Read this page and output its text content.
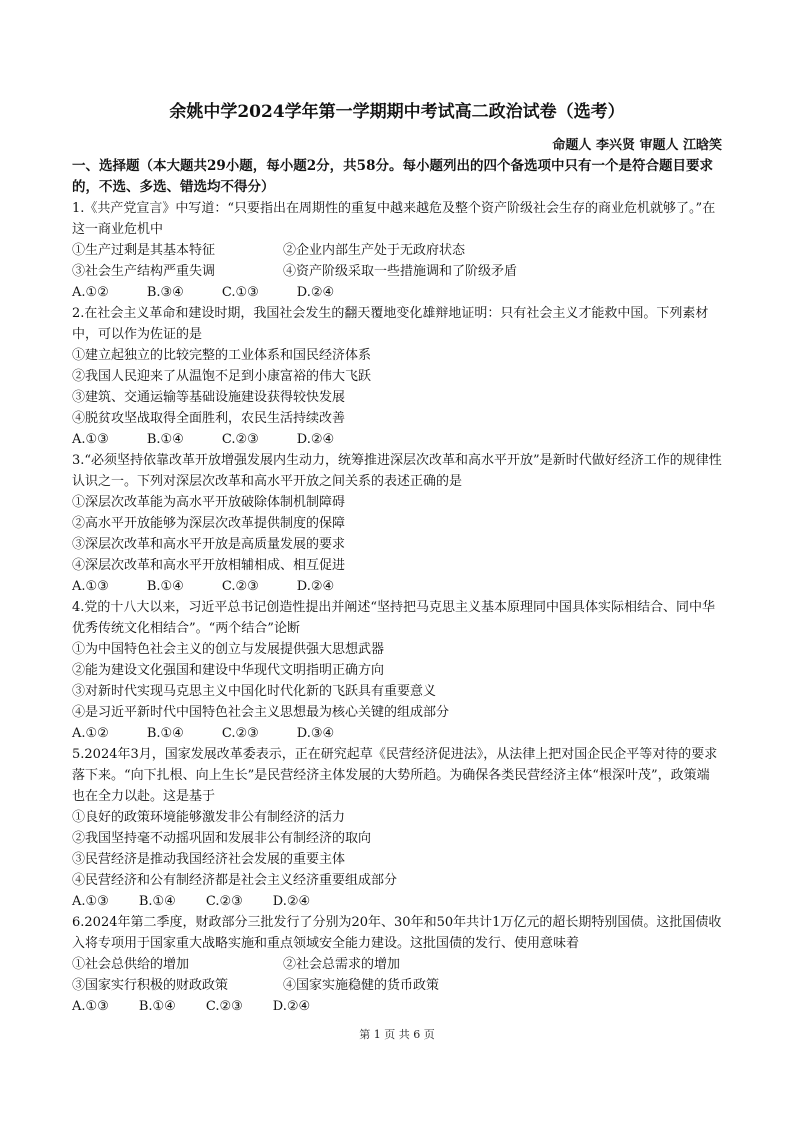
余姚中学2024学年第一学期期中考试高二政治试卷（选考）
命题人 李兴贤 审题人 江晗笑
一、选择题（本大题共29小题，每小题2分，共58分。每小题列出的四个备选项中只有一个是符合题目要求的，不选、多选、错选均不得分）
1.《共产党宣言》中写道：“只要指出在周期性的重复中越来越危及整个资产阶级社会生存的商业危机就够了。”在这一商业危机中
①生产过剩是其基本特征	②企业内部生产处于无政府状态
③社会生产结构严重失调	④资产阶级采取一些措施调和了阶级矛盾
A.①②	B.③④	C.①③	D.②④
2.在社会主义革命和建设时期，我国社会发生的翻天覆地变化雄辩地证明：只有社会主义才能救中国。下列素材中，可以作为佐证的是
①建立起独立的比较完整的工业体系和国民经济体系
②我国人民迎来了从温饱不足到小康富裕的伟大飞跃
③建筑、交通运输等基础设施建设获得较快发展
④脱贫攻坚战取得全面胜利，农民生活持续改善
A.①③	B.①④	C.②③	D.②④
3.“必须坚持依靠改革开放增强发展内生动力，统筹推进深层次改革和高水平开放”是新时代做好经济工作的规律性认识之一。下列对深层次改革和高水平开放之间关系的表述正确的是
①深层次改革能为高水平开放破除体制机制障碍
②高水平开放能够为深层次改革提供制度的保障
③深层次改革和高水平开放是高质量发展的要求
④深层次改革和高水平开放相辅相成、相互促进
A.①③	B.①④	C.②③	D.②④
4.党的十八大以来，习近平总书记创造性提出并阐述“坚持把马克思主义基本原理同中国具体实际相结合、同中华优秀传统文化相结合”。“两个结合”论断
①为中国特色社会主义的创立与发展提供强大思想武器
②能为建设文化强国和建设中华现代文明指明正确方向
③对新时代实现马克思主义中国化时代化新的飞跃具有重要意义
④是习近平新时代中国特色社会主义思想最为核心关键的组成部分
A.①②	B.①④	C.②③	D.③④
5.2024年3月，国家发展改革委表示，正在研究起草《民营经济促进法》，从法律上把对国企民企平等对待的要求落下来。“向下扎根、向上生长”是民营经济主体发展的大势所趋。为确保各类民营经济主体“根深叶茂”，政策端也在全力以赴。这是基于
①良好的政策环境能够激发非公有制经济的活力
②我国坚持毫不动摇巩固和发展非公有制经济的取向
③民营经济是推动我国经济社会发展的重要主体
④民营经济和公有制经济都是社会主义经济重要组成部分
A.①③ B.①④ C.②③ D.②④
6.2024年第二季度，财政部分三批发行了分别为20年、30年和50年共计1万亿元的超长期特别国债。这批国债收入将专项用于国家重大战略实施和重点领域安全能力建设。这批国债的发行、使用意味着
①社会总供给的增加	②社会总需求的增加
③国家实行积极的财政政策	④国家实施稳健的货币政策
A.①③ B.①④ C.②③ D.②④
第 1 页 共 6 页
